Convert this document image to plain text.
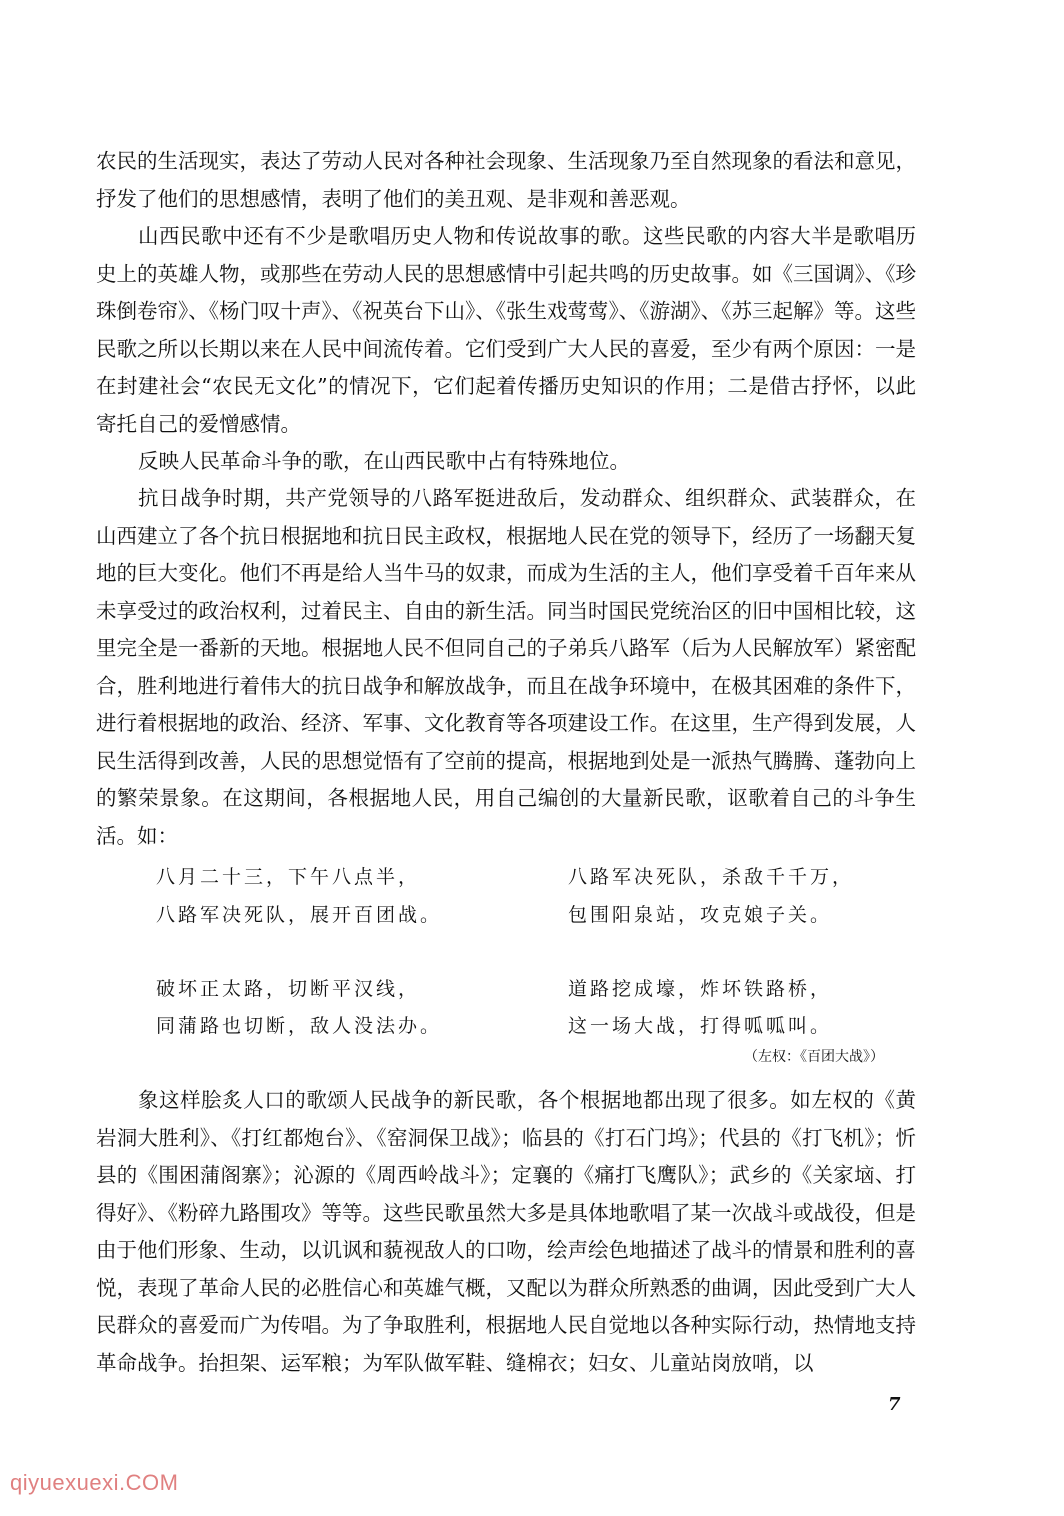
农民的生活现实，表达了劳动人民对各种社会现象、生活现象乃至自然现象的看法和意见，抒发了他们的思想感情，表明了他们的美丑观、是非观和善恶观。

山西民歌中还有不少是歌唱历史人物和传说故事的歌。这些民歌的内容大半是歌唱历史上的英雄人物，或那些在劳动人民的思想感情中引起共鸣的历史故事。如《三国调》、《珍珠倒卷帘》、《杨门叹十声》、《祝英台下山》、《张生戏莺莺》、《游湖》、《苏三起解》等。这些民歌之所以长期以来在人民中间流传着。它们受到广大人民的喜爱，至少有两个原因：一是在封建社会“农民无文化”的情况下，它们起着传播历史知识的作用；二是借古抒怀，以此寄托自己的爱憎感情。

反映人民革命斗争的歌，在山西民歌中占有特殊地位。

抗日战争时期，共产党领导的八路军挺进敌后，发动群众、组织群众、武装群众，在山西建立了各个抗日根据地和抗日民主政权，根据地人民在党的领导下，经历了一场翻天复地的巨大变化。他们不再是给人当牛马的奴隶，而成为生活的主人，他们享受着千百年来从未享受过的政治权利，过着民主、自由的新生活。同当时国民党统治区的旧中国相比较，这里完全是一番新的天地。根据地人民不但同自己的子弟兵八路军（后为人民解放军）紧密配合，胜利地进行着伟大的抗日战争和解放战争，而且在战争环境中，在极其困难的条件下，进行着根据地的政治、经济、军事、文化教育等各项建设工作。在这里，生产得到发展，人民生活得到改善，人民的思想觉悟有了空前的提高，根据地到处是一派热气腾腾、蓬勃向上的繁荣景象。在这期间，各根据地人民，用自己编创的大量新民歌，讴歌着自己的斗争生活。如：

八月二十三，下午八点半，
八路军决死队，展开百团战。
破坏正太路，切断平汉线，
同蒲路也切断，敌人没法办。
八路军决死队，杀敌千千万，
包围阳泉站，攻克娘子关。
道路挖成壕，炸坏铁路桥，
这一场大战，打得呱呱叫。
（左权：《百团大战》）

象这样脍炙人口的歌颂人民战争的新民歌，各个根据地都出现了很多。如左权的《黄岩洞大胜利》、《打红都炮台》、《窑洞保卫战》；临县的《打石门坞》；代县的《打飞机》；忻县的《围困蒲阁寨》；沁源的《周西岭战斗》；定襄的《痛打飞鹰队》；武乡的《关家垴、打得好》、《粉碎九路围攻》等等。这些民歌虽然大多是具体地歌唱了某一次战斗或战役，但是由于他们形象、生动，以讥讽和藐视敌人的口吻，绘声绘色地描述了战斗的情景和胜利的喜悦，表现了革命人民的必胜信心和英雄气概，又配以为群众所熟悉的曲调，因此受到广大人民群众的喜爱而广为传唱。为了争取胜利，根据地人民自觉地以各种实际行动，热情地支持革命战争。抬担架、运军粮；为军队做军鞋、缝棉衣；妇女、儿童站岗放哨，以

7
qiyuexuexi.COM
